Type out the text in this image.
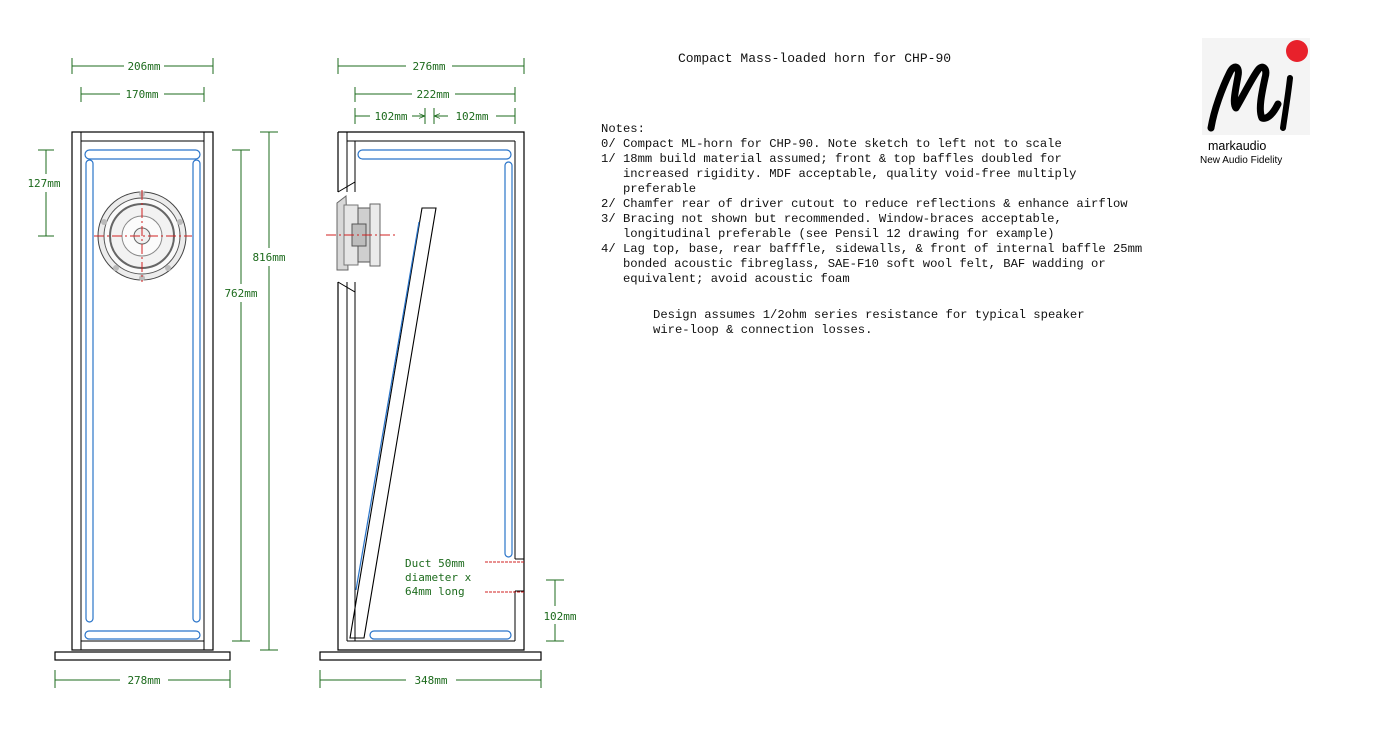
206mm
170mm
127mm
762mm
816mm
278mm
276mm
222mm
102mm	102mm
Duct 50mm
diameter x
64mm long
102mm
348mm
Compact Mass-loaded horn for CHP-90
Notes:
0/ Compact ML-horn for CHP-90. Note sketch to left not to scale
1/ 18mm build material assumed; front & top baffles doubled for
increased rigidity. MDF acceptable, quality void-free multiply
preferable
2/ Chamfer rear of driver cutout to reduce reflections & enhance airflow
3/ Bracing not shown but recommended. Window-braces acceptable,
longitudinal preferable (see Pensil 12 drawing for example)
4/ Lag top, base, rear bafffle, sidewalls, & front of internal baffle 25mm
bonded acoustic fibreglass, SAE-F10 soft wool felt, BAF wadding or
equivalent; avoid acoustic foam
Design assumes 1/2ohm series resistance for typical speaker
wire-loop & connection losses.
markaudio
New Audio Fidelity
